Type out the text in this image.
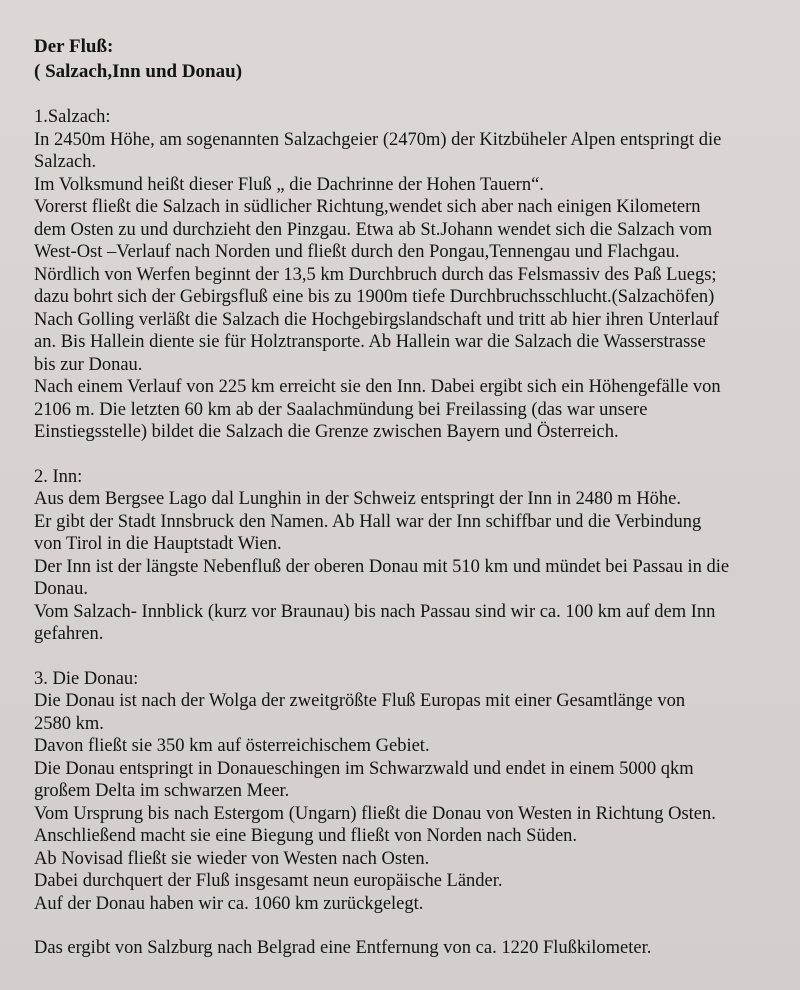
Der Fluß:
( Salzach,Inn und Donau)
1.Salzach:
In 2450m Höhe, am sogenannten Salzachgeier (2470m) der Kitzbüheler Alpen entspringt die
Salzach.
Im Volksmund heißt dieser Fluß „ die Dachrinne der Hohen Tauern“.
Vorerst fließt die Salzach in südlicher Richtung,wendet sich aber nach einigen Kilometern
dem Osten zu und durchzieht den Pinzgau. Etwa ab St.Johann wendet sich die Salzach vom
West-Ost –Verlauf nach Norden und fließt durch den Pongau,Tennengau und Flachgau.
Nördlich von Werfen beginnt der 13,5 km Durchbruch durch das Felsmassiv des Paß Luegs;
dazu bohrt sich der Gebirgsfluß eine bis zu 1900m tiefe Durchbruchsschlucht.(Salzachöfen)
Nach Golling verläßt die Salzach die Hochgebirgslandschaft und tritt ab hier ihren Unterlauf
an. Bis Hallein diente sie für Holztransporte. Ab Hallein war die Salzach die Wasserstrasse
bis zur Donau.
Nach einem Verlauf von 225 km erreicht sie den Inn. Dabei ergibt sich ein Höhengefälle von
2106 m. Die letzten 60 km ab der Saalachmündung bei Freilassing (das war unsere
Einstiegsstelle) bildet die Salzach die Grenze zwischen Bayern und Österreich.
2. Inn:
Aus dem Bergsee Lago dal Lunghin in der Schweiz entspringt der Inn in 2480 m Höhe.
Er gibt der Stadt Innsbruck den Namen. Ab Hall war der Inn schiffbar und die Verbindung
von Tirol in die Hauptstadt Wien.
Der Inn ist der längste Nebenfluß der oberen Donau mit 510 km und mündet bei Passau in die
Donau.
Vom Salzach- Innblick (kurz vor Braunau) bis nach Passau sind wir ca. 100 km auf dem Inn
gefahren.
3. Die Donau:
Die Donau ist nach der Wolga der zweitgrößte Fluß Europas mit einer Gesamtlänge von
2580 km.
Davon fließt sie 350 km auf österreichischem Gebiet.
Die Donau entspringt in Donaueschingen im Schwarzwald und endet in einem 5000 qkm
großem Delta im schwarzen Meer.
Vom Ursprung bis nach Estergom (Ungarn) fließt die Donau von Westen in Richtung Osten.
Anschließend macht sie eine Biegung und fließt von Norden nach Süden.
Ab Novisad fließt sie wieder von Westen nach Osten.
Dabei durchquert der Fluß insgesamt neun europäische Länder.
Auf der Donau haben wir ca. 1060 km zurückgelegt.
Das ergibt von Salzburg nach Belgrad eine Entfernung von ca. 1220 Flußkilometer.
